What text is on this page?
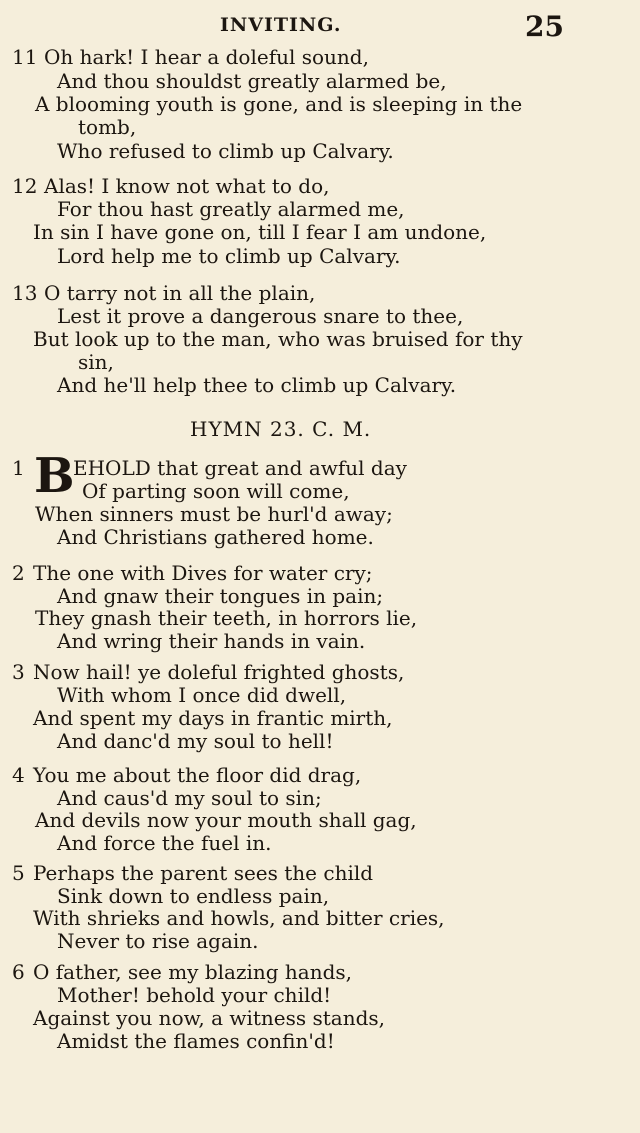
INVITING.	25
11 Oh hark! I hear a doleful sound,
And thou shouldst greatly alarmed be,
A blooming youth is gone, and is sleeping in the
tomb,
Who refused to climb up Calvary.
12 Alas! I know not what to do,
For thou hast greatly alarmed me,
In sin I have gone on, till I fear I am undone,
Lord help me to climb up Calvary.
13 O tarry not in all the plain,
Lest it prove a dangerous snare to thee,
But look up to the man, who was bruised for thy
sin,
And he'll help thee to climb up Calvary.
HYMN 23. C. M.
1 B
EHOLD that great and awful day
Of parting soon will come,
When sinners must be hurl'd away;
And Christians gathered home.
2 The one with Dives for water cry;
And gnaw their tongues in pain;
They gnash their teeth, in horrors lie,
And wring their hands in vain.
3 Now hail! ye doleful frighted ghosts,
With whom I once did dwell,
And spent my days in frantic mirth,
And danc'd my soul to hell!
4 You me about the floor did drag,
And caus'd my soul to sin;
And devils now your mouth shall gag,
And force the fuel in.
5 Perhaps the parent sees the child
Sink down to endless pain,
With shrieks and howls, and bitter cries,
Never to rise again.
6 O father, see my blazing hands,
Mother! behold your child!
Against you now, a witness stands,
Amidst the flames confin'd!
